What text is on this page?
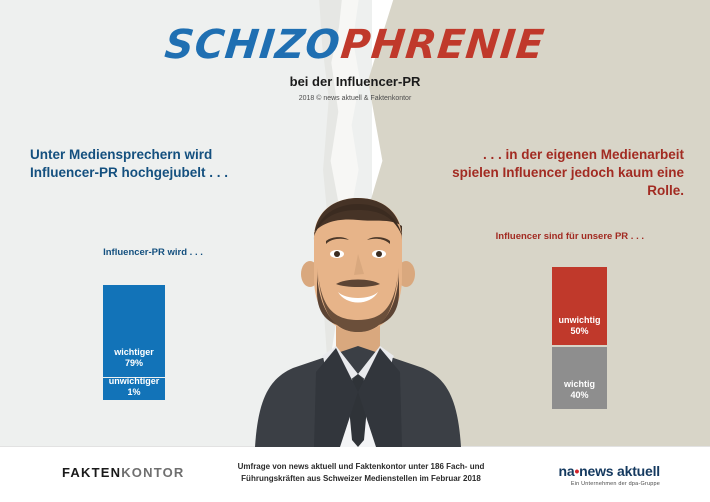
SCHIZOPHRENIE
bei der Influencer-PR
2018 © news aktuell & Faktenkontor
Unter Mediensprechern wird Influencer-PR hochgejubelt . . .
Influencer-PR wird . . .
wichtiger
79%
unwichtiger
1%
. . . in der eigenen Medienarbeit spielen Influencer jedoch kaum eine Rolle.
Influencer sind für unsere PR . . .
unwichtig
50%
wichtig
40%
FAKTENKONTOR	Umfrage von news aktuell und Faktenkontor unter 186 Fach- und
Führungskräften aus Schweizer Medienstellen im Februar 2018	na•news aktuell
Ein Unternehmen der dpa-Gruppe
